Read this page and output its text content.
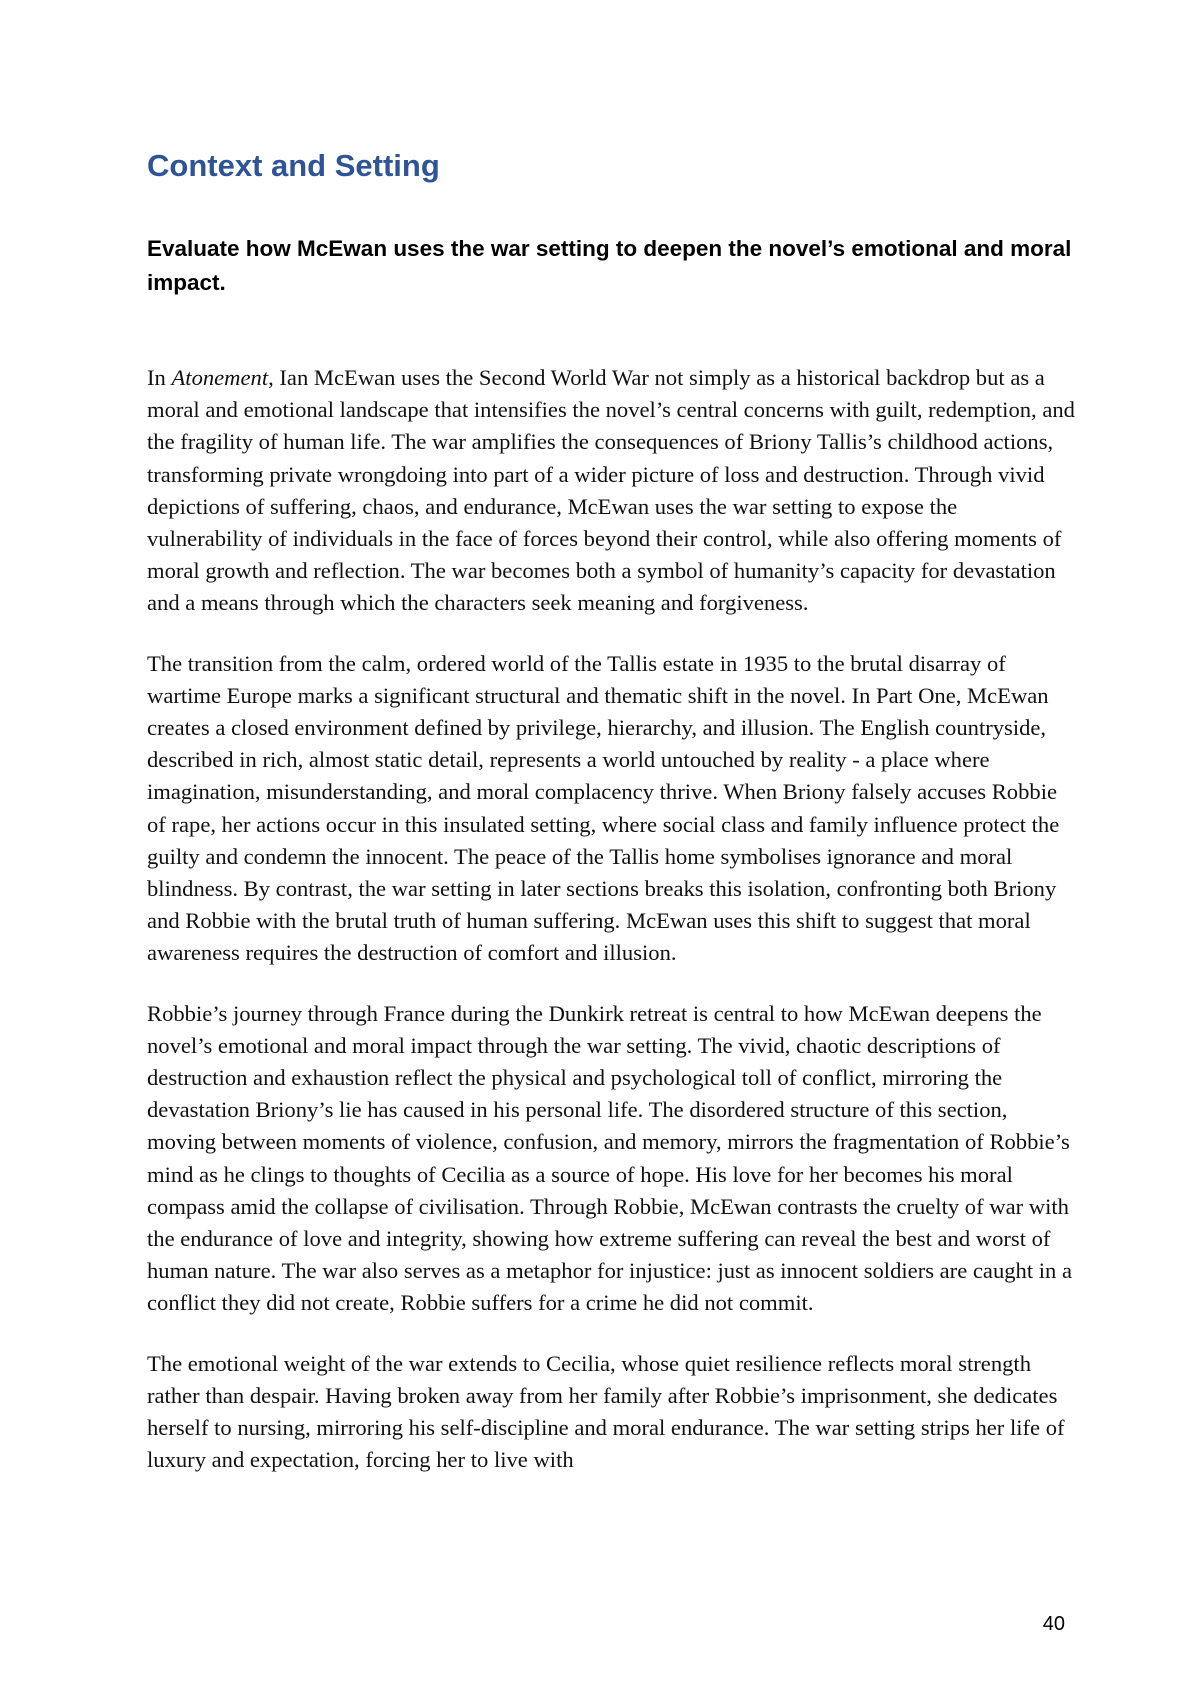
Context and Setting

Evaluate how McEwan uses the war setting to deepen the novel’s emotional and moral impact.

In Atonement, Ian McEwan uses the Second World War not simply as a historical backdrop but as a moral and emotional landscape that intensifies the novel’s central concerns with guilt, redemption, and the fragility of human life. The war amplifies the consequences of Briony Tallis’s childhood actions, transforming private wrongdoing into part of a wider picture of loss and destruction. Through vivid depictions of suffering, chaos, and endurance, McEwan uses the war setting to expose the vulnerability of individuals in the face of forces beyond their control, while also offering moments of moral growth and reflection. The war becomes both a symbol of humanity’s capacity for devastation and a means through which the characters seek meaning and forgiveness.

The transition from the calm, ordered world of the Tallis estate in 1935 to the brutal disarray of wartime Europe marks a significant structural and thematic shift in the novel. In Part One, McEwan creates a closed environment defined by privilege, hierarchy, and illusion. The English countryside, described in rich, almost static detail, represents a world untouched by reality - a place where imagination, misunderstanding, and moral complacency thrive. When Briony falsely accuses Robbie of rape, her actions occur in this insulated setting, where social class and family influence protect the guilty and condemn the innocent. The peace of the Tallis home symbolises ignorance and moral blindness. By contrast, the war setting in later sections breaks this isolation, confronting both Briony and Robbie with the brutal truth of human suffering. McEwan uses this shift to suggest that moral awareness requires the destruction of comfort and illusion.

Robbie’s journey through France during the Dunkirk retreat is central to how McEwan deepens the novel’s emotional and moral impact through the war setting. The vivid, chaotic descriptions of destruction and exhaustion reflect the physical and psychological toll of conflict, mirroring the devastation Briony’s lie has caused in his personal life. The disordered structure of this section, moving between moments of violence, confusion, and memory, mirrors the fragmentation of Robbie’s mind as he clings to thoughts of Cecilia as a source of hope. His love for her becomes his moral compass amid the collapse of civilisation. Through Robbie, McEwan contrasts the cruelty of war with the endurance of love and integrity, showing how extreme suffering can reveal the best and worst of human nature. The war also serves as a metaphor for injustice: just as innocent soldiers are caught in a conflict they did not create, Robbie suffers for a crime he did not commit.

The emotional weight of the war extends to Cecilia, whose quiet resilience reflects moral strength rather than despair. Having broken away from her family after Robbie’s imprisonment, she dedicates herself to nursing, mirroring his self-discipline and moral endurance. The war setting strips her life of luxury and expectation, forcing her to live with

40
